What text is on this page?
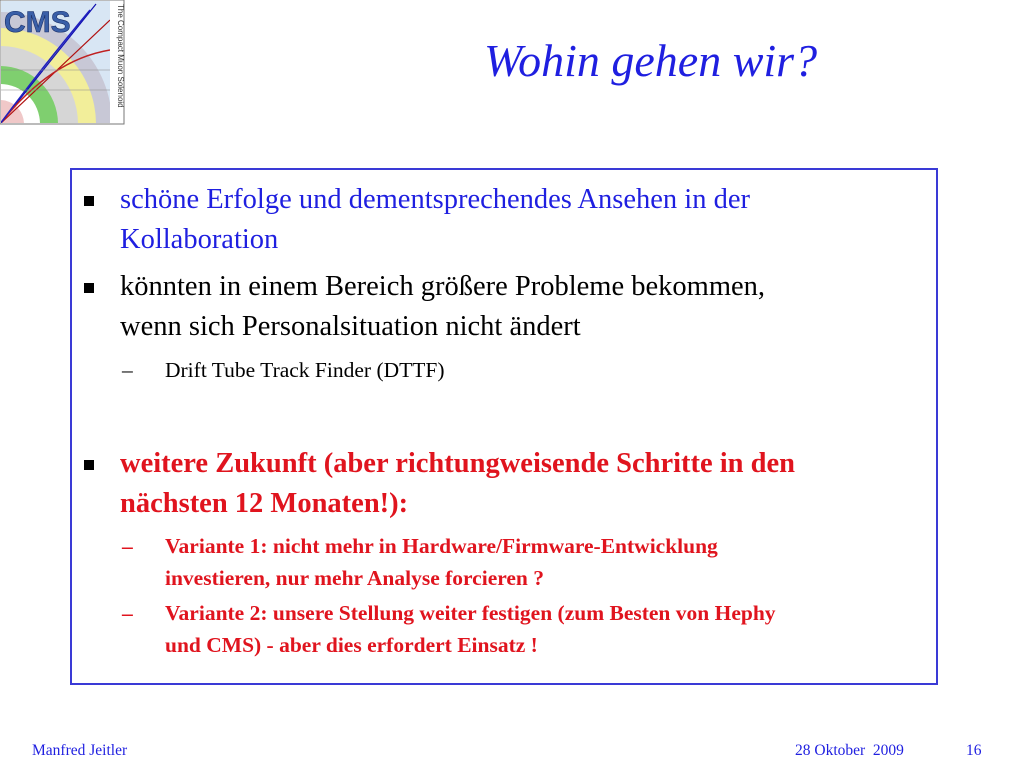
CMS	The Compact Muon Solenoid	Wohin gehen wir?
schöne Erfolge und dementsprechendes Ansehen in der
Kollaboration
könnten in einem Bereich größere Probleme bekommen,
wenn sich Personalsituation nicht ändert
– Drift Tube Track Finder (DTTF)
weitere Zukunft (aber richtungweisende Schritte in den
nächsten 12 Monaten!):
– Variante 1: nicht mehr in Hardware/Firmware-Entwicklung
investieren, nur mehr Analyse forcieren ?
– Variante 2: unsere Stellung weiter festigen (zum Besten von Hephy
und CMS) - aber dies erfordert Einsatz !
Manfred Jeitler	28 Oktober  2009	16
